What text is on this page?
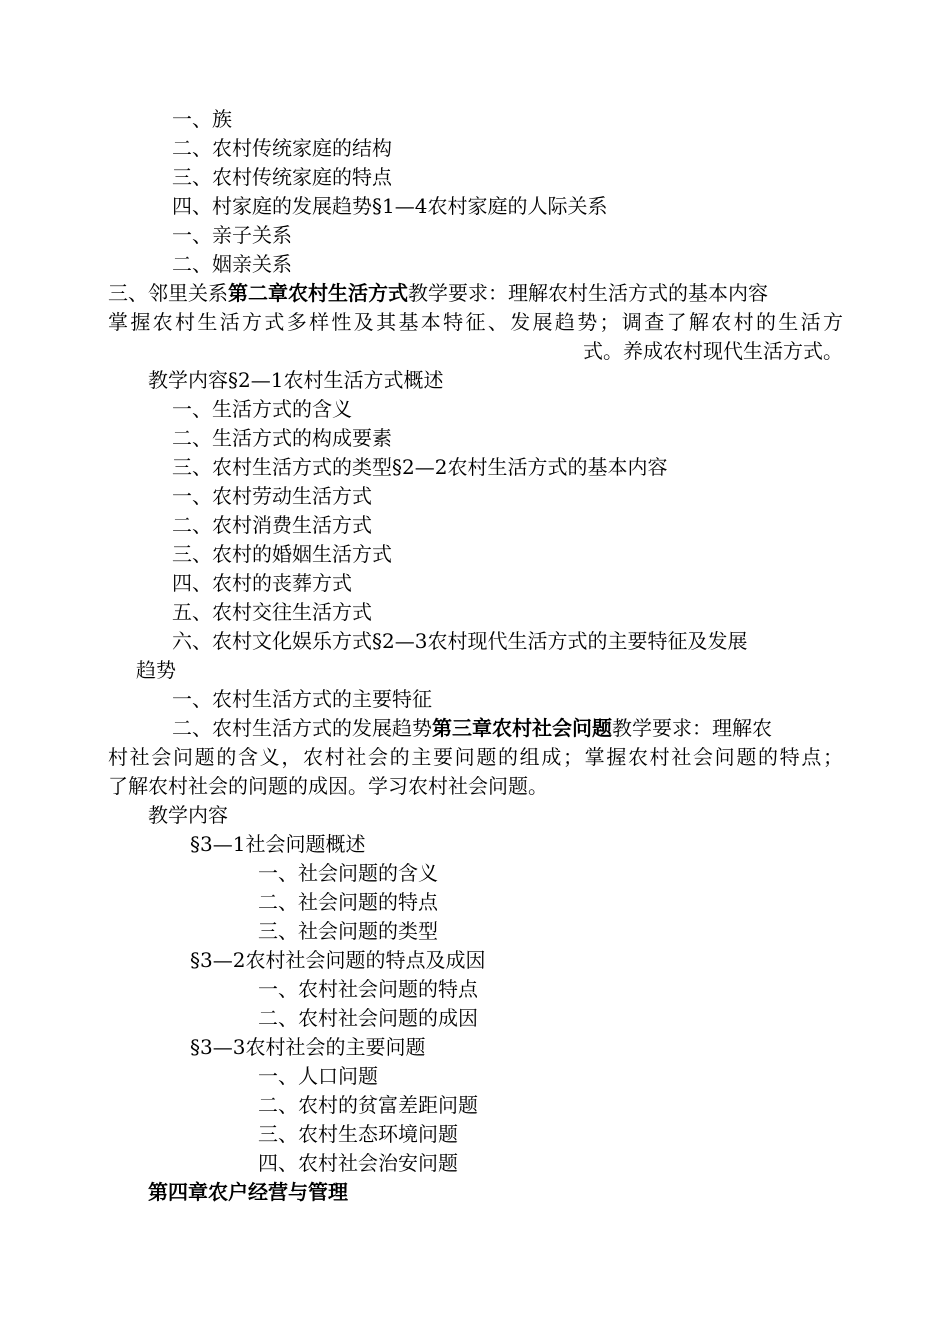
一、族
二、农村传统家庭的结构
三、农村传统家庭的特点
四、村家庭的发展趋势§1—4农村家庭的人际关系
一、亲子关系
二、姻亲关系
三、邻里关系第二章农村生活方式教学要求：理解农村生活方式的基本内容
掌握农村生活方式多样性及其基本特征、发展趋势；调查了解农村的生活方
式。养成农村现代生活方式。
教学内容§2—1农村生活方式概述
一、生活方式的含义
二、生活方式的构成要素
三、农村生活方式的类型§2—2农村生活方式的基本内容
一、农村劳动生活方式
二、农村消费生活方式
三、农村的婚姻生活方式
四、农村的丧葬方式
五、农村交往生活方式
六、农村文化娱乐方式§2—3农村现代生活方式的主要特征及发展
趋势
一、农村生活方式的主要特征
二、农村生活方式的发展趋势第三章农村社会问题教学要求：理解农
村社会问题的含义，农村社会的主要问题的组成；掌握农村社会问题的特点；
了解农村社会的问题的成因。学习农村社会问题。
教学内容
§3—1社会问题概述
一、社会问题的含义
二、社会问题的特点
三、社会问题的类型
§3—2农村社会问题的特点及成因
一、农村社会问题的特点
二、农村社会问题的成因
§3—3农村社会的主要问题
一、人口问题
二、农村的贫富差距问题
三、农村生态环境问题
四、农村社会治安问题
第四章农户经营与管理
